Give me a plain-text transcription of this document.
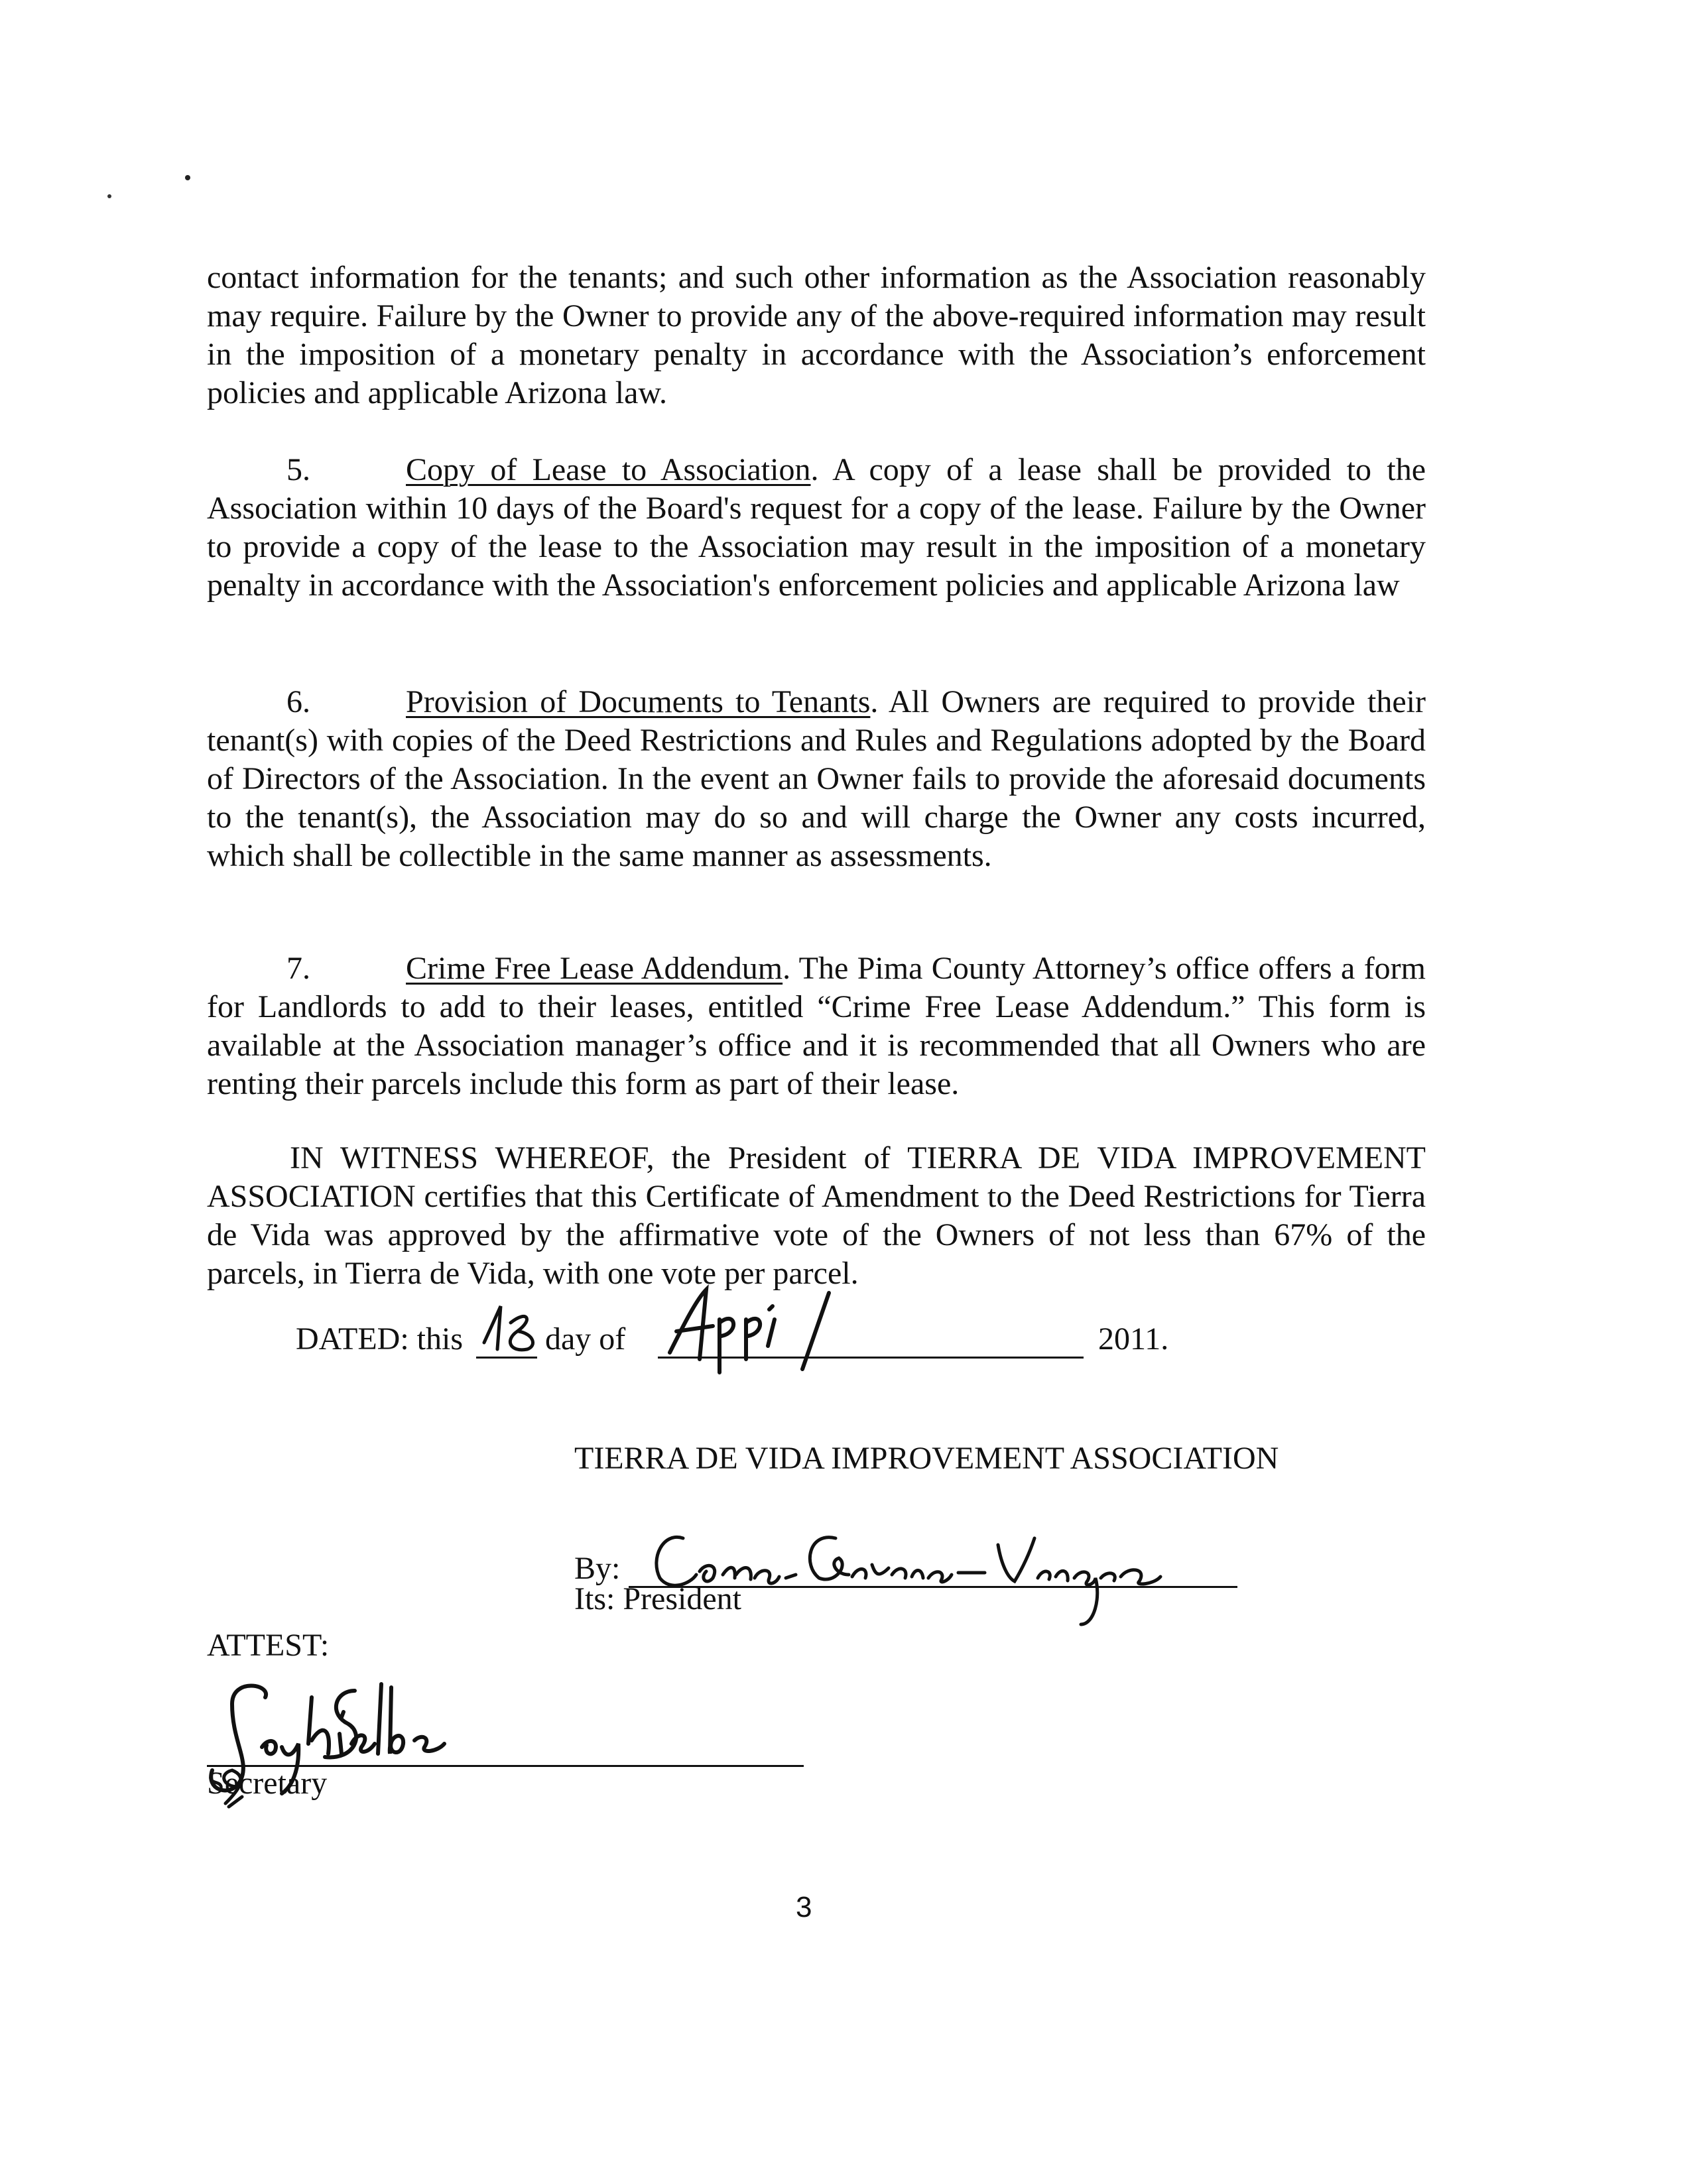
contact information for the tenants; and such other information as the Association reasonably may require. Failure by the Owner to provide any of the above-required information may result in the imposition of a monetary penalty in accordance with the Association’s enforcement policies and applicable Arizona law.

5.	Copy of Lease to Association. A copy of a lease shall be provided to the Association within 10 days of the Board's request for a copy of the lease. Failure by the Owner to provide a copy of the lease to the Association may result in the imposition of a monetary penalty in accordance with the Association's enforcement policies and applicable Arizona law

6.	Provision of Documents to Tenants. All Owners are required to provide their tenant(s) with copies of the Deed Restrictions and Rules and Regulations adopted by the Board of Directors of the Association. In the event an Owner fails to provide the aforesaid documents to the tenant(s), the Association may do so and will charge the Owner any costs incurred, which shall be collectible in the same manner as assessments.

7.	Crime Free Lease Addendum. The Pima County Attorney’s office offers a form for Landlords to add to their leases, entitled “Crime Free Lease Addendum.” This form is available at the Association manager’s office and it is recommended that all Owners who are renting their parcels include this form as part of their lease.

IN WITNESS WHEREOF, the President of TIERRA DE VIDA IMPROVEMENT ASSOCIATION certifies that this Certificate of Amendment to the Deed Restrictions for Tierra de Vida was approved by the affirmative vote of the Owners of not less than 67% of the parcels, in Tierra de Vida, with one vote per parcel.

DATED: this	day of	2011.
TIERRA DE VIDA IMPROVEMENT ASSOCIATION
By:
Its: President
ATTEST:
Secretary
3
